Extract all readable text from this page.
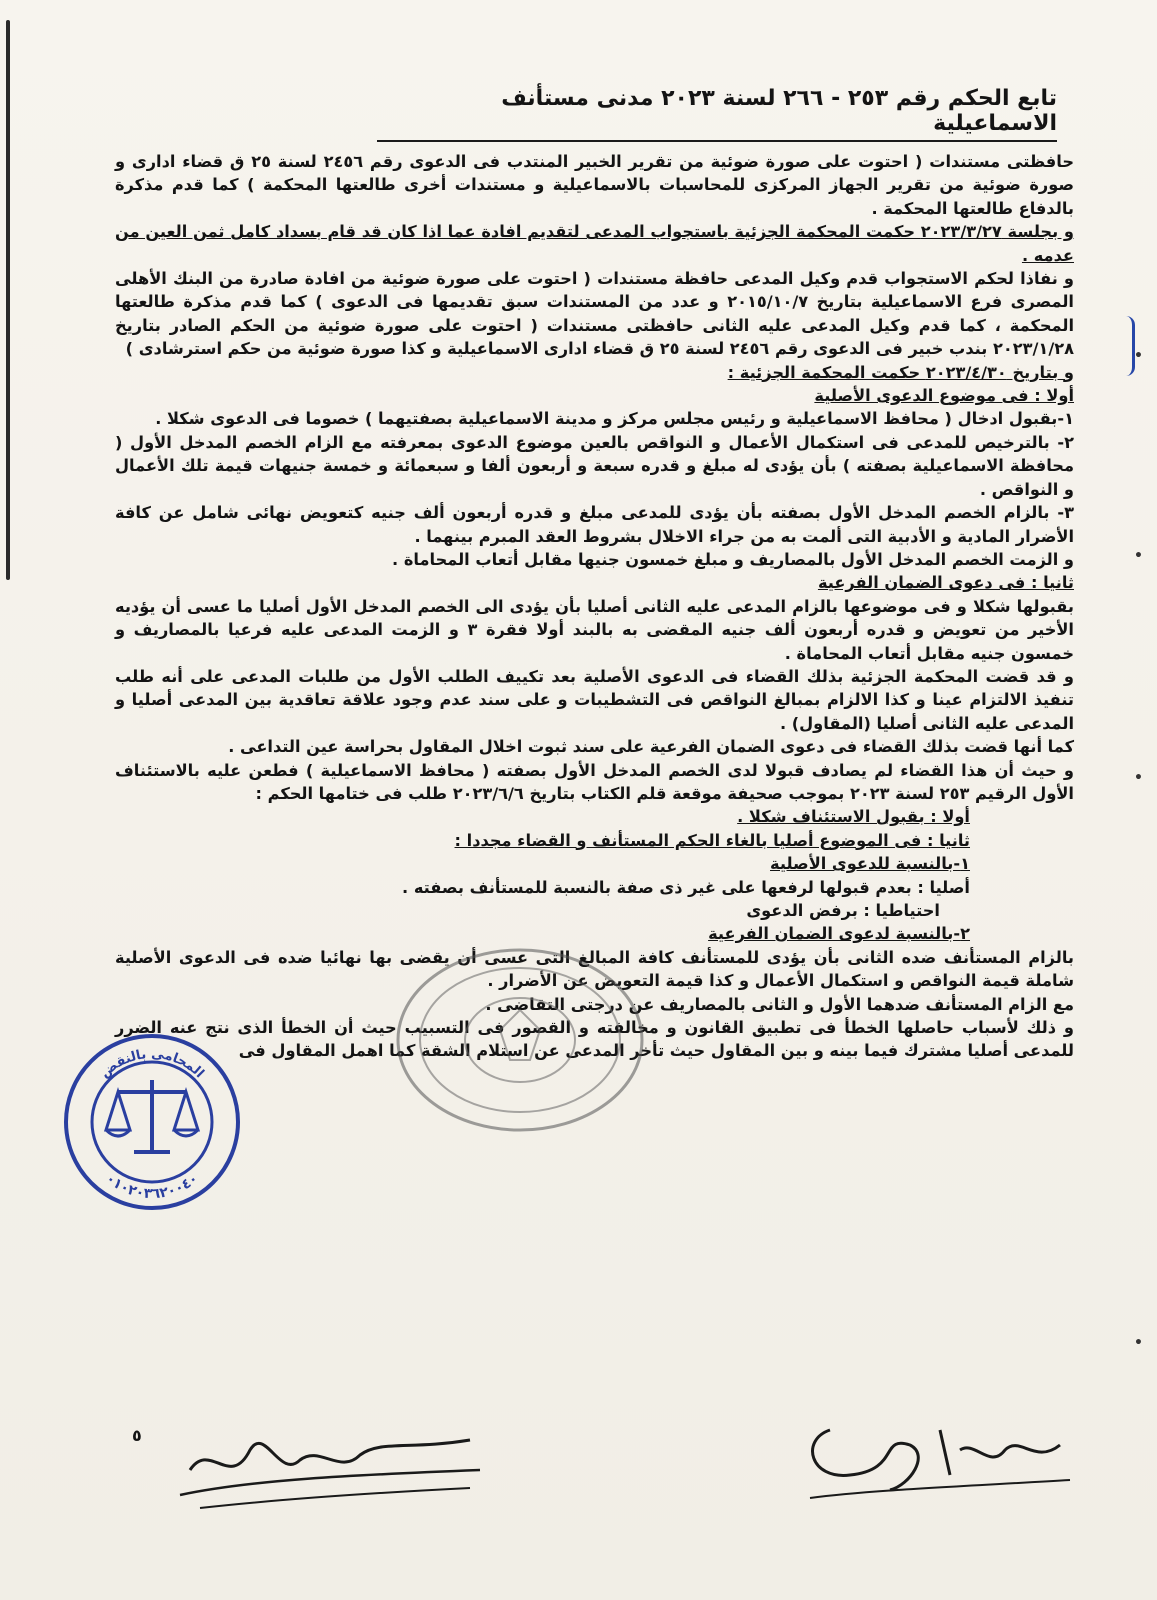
تابع الحكم رقم ٢٥٣ - ٢٦٦ لسنة ٢٠٢٣ مدنى مستأنف الاسماعيلية

حافظتى مستندات ( احتوت على صورة ضوئية من تقرير الخبير المنتدب فى الدعوى رقم ٢٤٥٦ لسنة ٢٥ ق قضاء ادارى و صورة ضوئية من تقرير الجهاز المركزى للمحاسبات بالاسماعيلية و مستندات أخرى طالعتها المحكمة ) كما قدم مذكرة بالدفاع طالعتها المحكمة .

و بجلسة ٢٠٢٣/٣/٢٧ حكمت المحكمة الجزئية باستجواب المدعى لتقديم افادة عما اذا كان قد قام بسداد كامل ثمن العين من عدمه .

و نفاذا لحكم الاستجواب قدم وكيل المدعى حافظة مستندات ( احتوت على صورة ضوئية من افادة صادرة من البنك الأهلى المصرى فرع الاسماعيلية بتاريخ ٢٠١٥/١٠/٧ و عدد من المستندات سبق تقديمها فى الدعوى ) كما قدم مذكرة طالعتها المحكمة ، كما قدم وكيل المدعى عليه الثانى حافظتى مستندات ( احتوت على صورة ضوئية من الحكم الصادر بتاريخ ٢٠٢٣/١/٢٨ بندب خبير فى الدعوى رقم ٢٤٥٦ لسنة ٢٥ ق قضاء ادارى الاسماعيلية و كذا صورة ضوئية من حكم استرشادى )

و بتاريخ ٢٠٢٣/٤/٣٠ حكمت المحكمة الجزئية :

أولا : فى موضوع الدعوى الأصلية

١-بقبول ادخال ( محافظ الاسماعيلية و رئيس مجلس مركز و مدينة الاسماعيلية بصفتيهما ) خصوما فى الدعوى شكلا .

٢- بالترخيص للمدعى فى استكمال الأعمال و النواقص بالعين موضوع الدعوى بمعرفته مع الزام الخصم المدخل الأول ( محافظة الاسماعيلية بصفته ) بأن يؤدى له مبلغ و قدره سبعة و أربعون ألفا و سبعمائة و خمسة جنيهات قيمة تلك الأعمال و النواقص .

٣- بالزام الخصم المدخل الأول بصفته بأن يؤدى للمدعى مبلغ و قدره أربعون ألف جنيه كتعويض نهائى شامل عن كافة الأضرار المادية و الأدبية التى ألمت به من جراء الاخلال بشروط العقد المبرم بينهما .

و الزمت الخصم المدخل الأول بالمصاريف و مبلغ خمسون جنيها مقابل أتعاب المحاماة .

ثانيا : فى دعوى الضمان الفرعية

بقبولها شكلا و فى موضوعها بالزام المدعى عليه الثانى أصليا بأن يؤدى الى الخصم المدخل الأول أصليا ما عسى أن يؤديه الأخير من تعويض و قدره أربعون ألف جنيه المقضى به بالبند أولا فقرة ٣ و الزمت المدعى عليه فرعيا بالمصاريف و خمسون جنيه مقابل أتعاب المحاماة .

و قد قضت المحكمة الجزئية بذلك القضاء فى الدعوى الأصلية بعد تكييف الطلب الأول من طلبات المدعى على أنه طلب تنفيذ الالتزام عينا و كذا الالزام بمبالغ النواقص فى التشطيبات و على سند عدم وجود علاقة تعاقدية بين المدعى أصليا و المدعى عليه الثانى أصليا (المقاول) .

كما أنها قضت بذلك القضاء فى دعوى الضمان الفرعية على سند ثبوت اخلال المقاول بحراسة عين التداعى .

و حيث أن هذا القضاء لم يصادف قبولا لدى الخصم المدخل الأول بصفته ( محافظ الاسماعيلية ) فطعن عليه بالاستئناف الأول الرقيم ٢٥٣ لسنة ٢٠٢٣ بموجب صحيفة موقعة قلم الكتاب بتاريخ ٢٠٢٣/٦/٦ طلب فى ختامها الحكم :

أولا : بقبول الاستئناف شكلا .

ثانيا : فى الموضوع أصليا بالغاء الحكم المستأنف و القضاء مجددا :

١-بالنسبة للدعوى الأصلية

أصليا : بعدم قبولها لرفعها على غير ذى صفة بالنسبة للمستأنف بصفته .

احتياطيا : برفض الدعوى

٢-بالنسبة لدعوى الضمان الفرعية

بالزام المستأنف ضده الثانى بأن يؤدى للمستأنف كافة المبالغ التى عسى أن يقضى بها نهائيا ضده فى الدعوى الأصلية شاملة قيمة النواقص و استكمال الأعمال و كذا قيمة التعويض عن الأضرار .

مع الزام المستأنف ضدهما الأول و الثانى بالمصاريف عن درجتى التقاضى .

و ذلك لأسباب حاصلها الخطأ فى تطبيق القانون و مخالفته و القصور فى التسبيب حيث أن الخطأ الذى نتج عنه الضرر للمدعى أصليا مشترك فيما بينه و بين المقاول حيث تأخر المدعى عن استلام الشقة كما اهمل المقاول فى

•
•
•
•
المحامى بالنقض
٠١٠٢٠٣٦٢٠٠٤٠
٥
